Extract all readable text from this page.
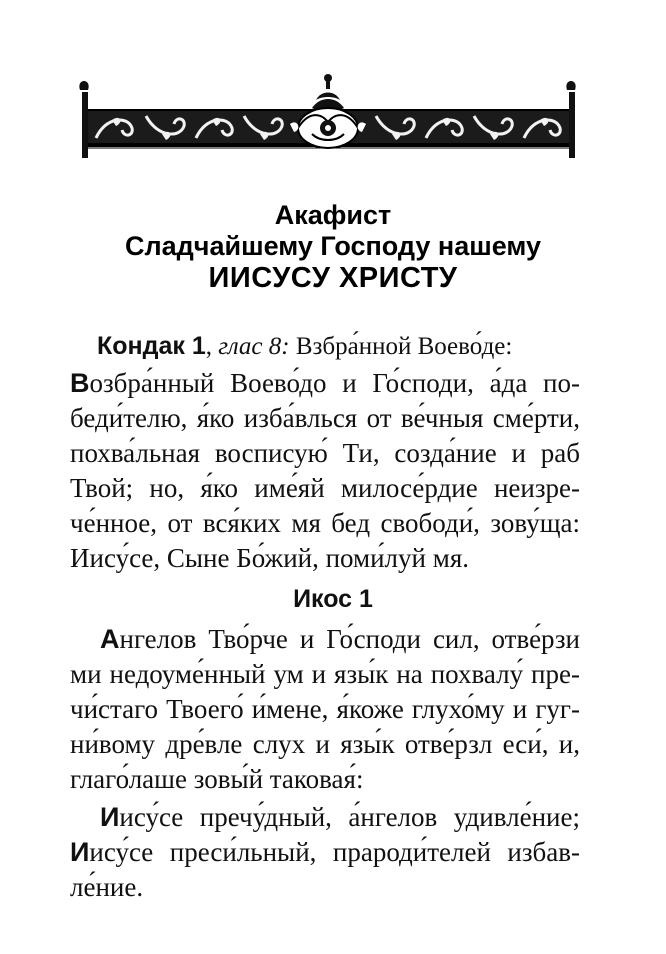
Акафист
Сладчайшему Господу нашему
ИИСУСУ ХРИСТУ
Кондак 1, глас 8: Взбра́нной Воево́де:
Возбра́нный Воево́до и Го́споди, а́да по-
беди́телю, я́ко изба́влься от ве́чныя сме́рти,
похва́льная восписую́ Ти, созда́ние и раб
Твой; но, я́ко име́яй милосе́рдие неизре-
че́нное, от вся́ких мя бед свободи́, зову́ща:
Иису́се, Сыне Бо́жий, поми́луй мя.
Икос 1
Ангелов Тво́рче и Го́споди сил, отве́рзи
ми недоуме́нный ум и язы́к на похвалу́ пре-
чи́стаго Твоего́ и́мене, я́коже глухо́му и гуг-
ни́вому дре́вле слух и язы́к отве́рзл еси́, и,
глаго́лаше зовы́й таковая́:
Иису́се пречу́дный, а́нгелов удивле́ние;
Иису́се преси́льный, прароди́телей избав-
ле́ние.
